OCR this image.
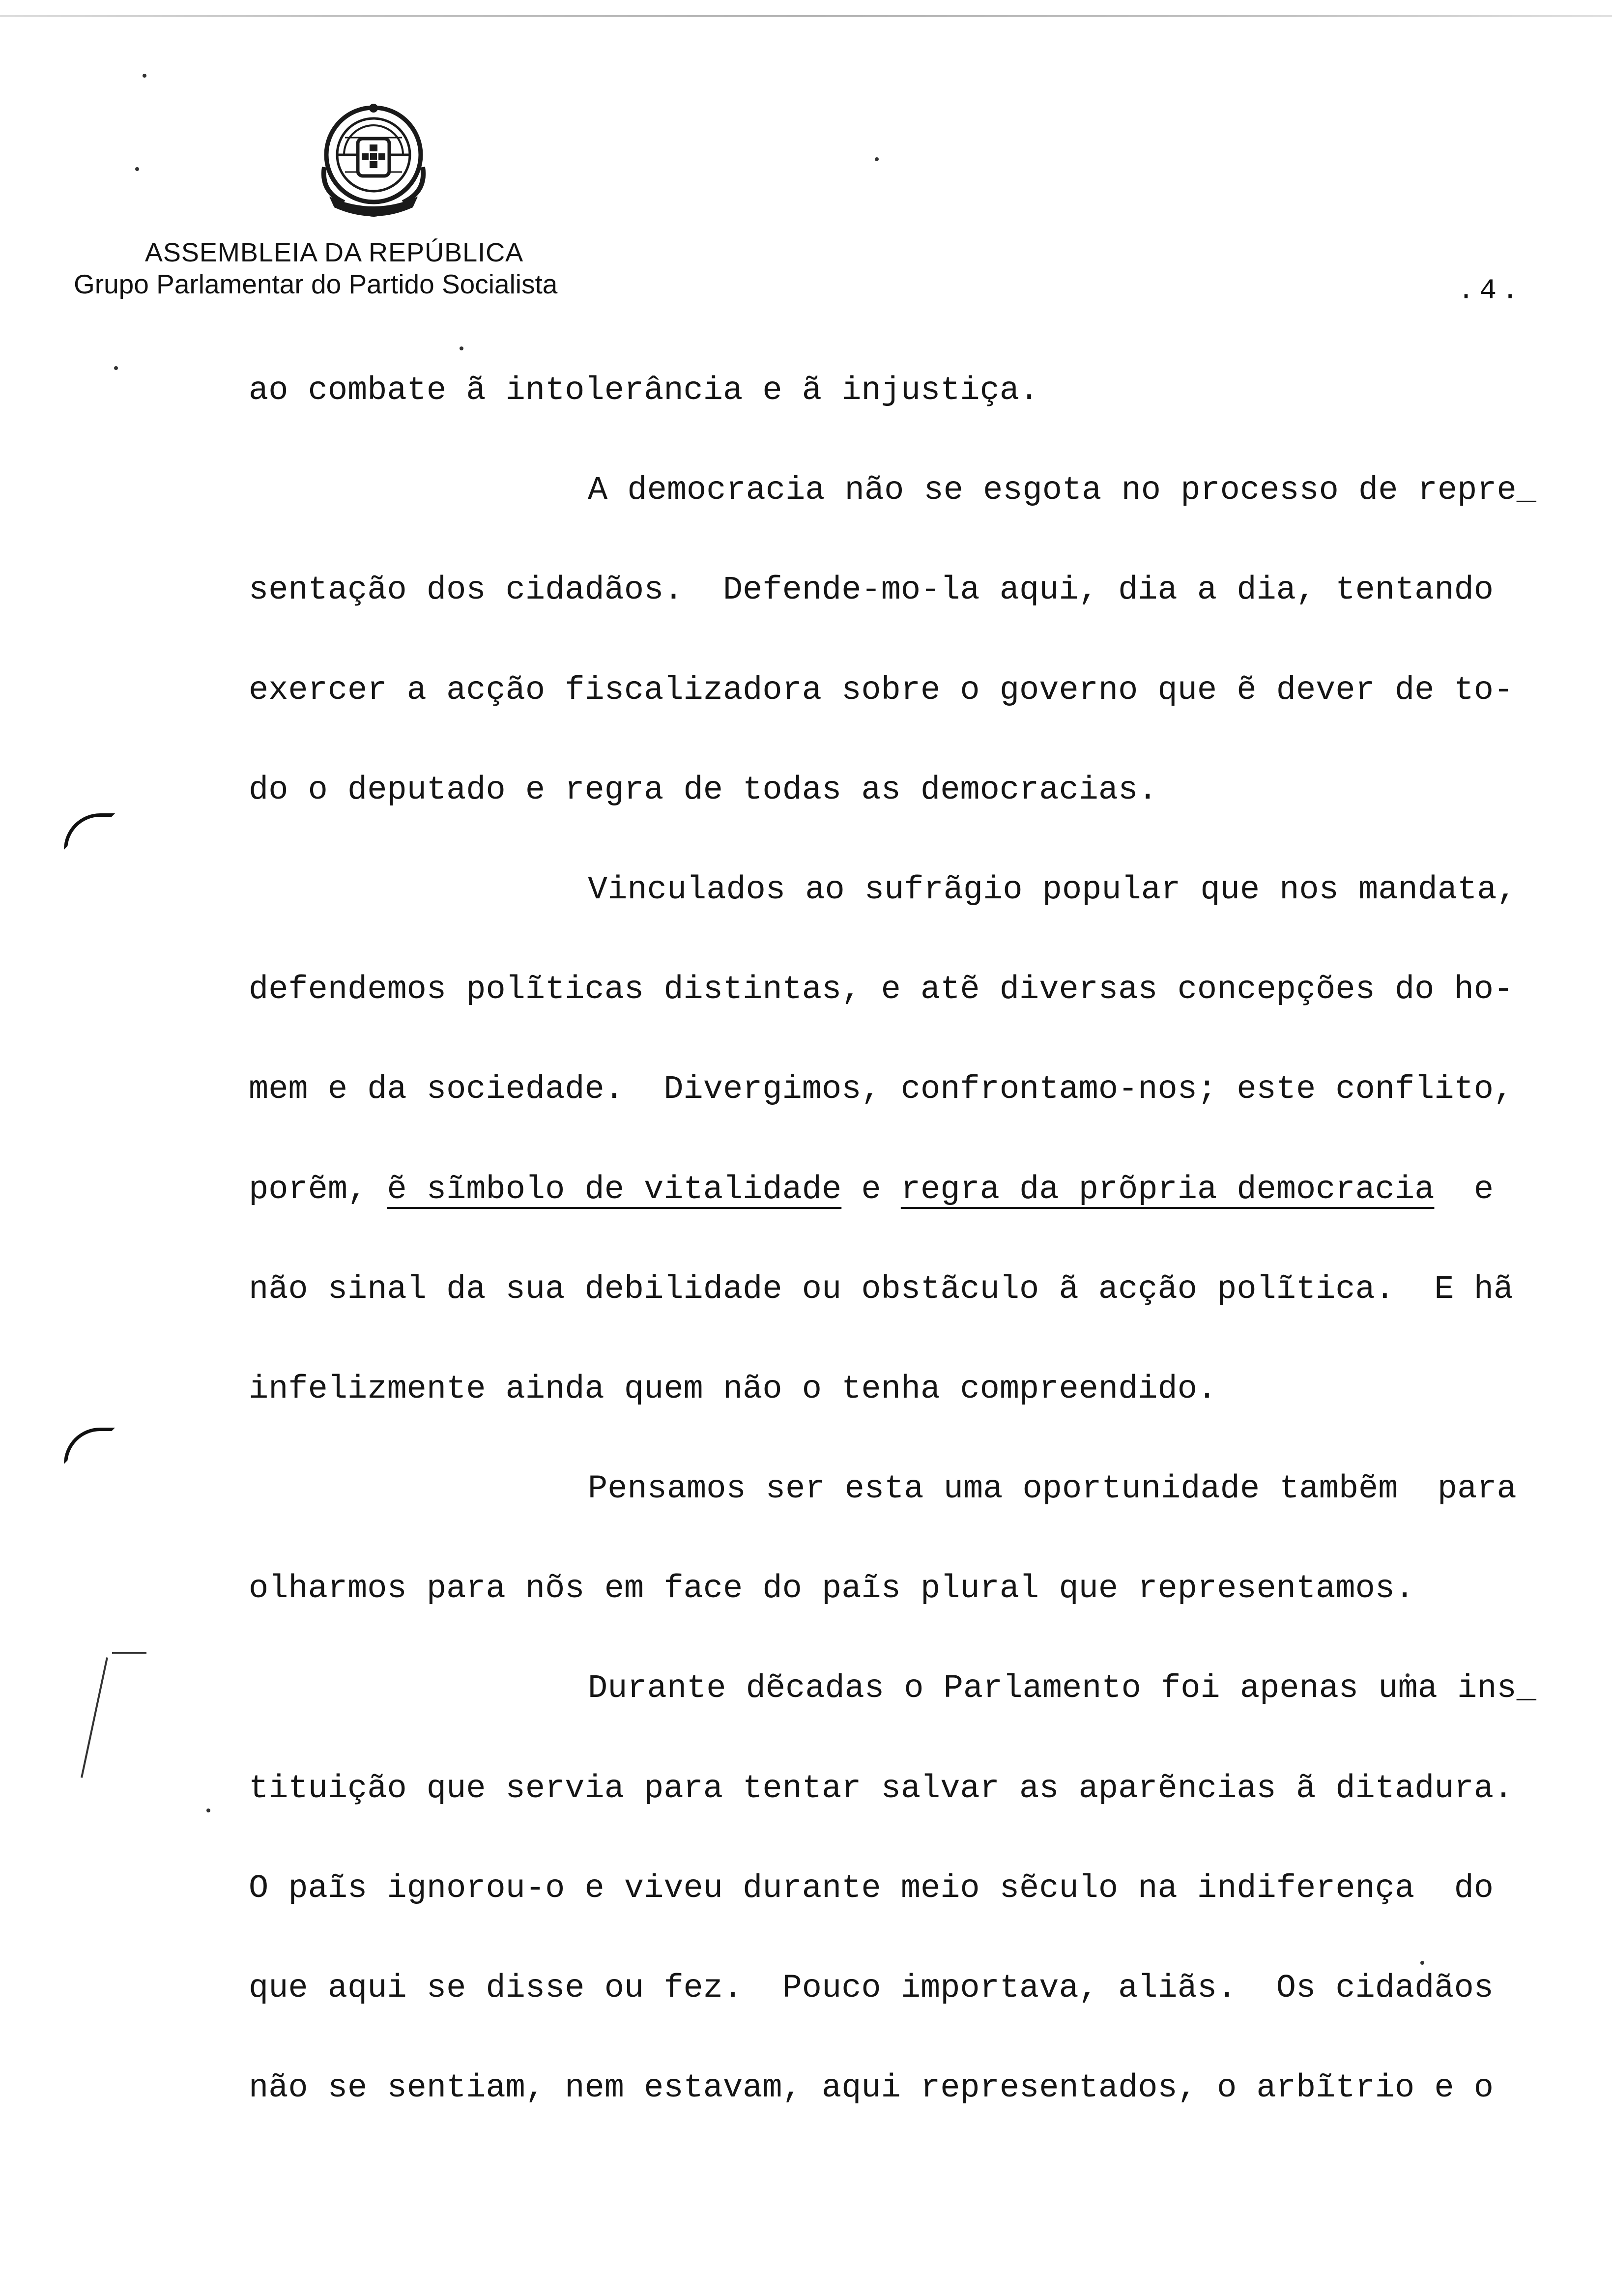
ASSEMBLEIA DA REPÚBLICA
Grupo Parlamentar do Partido Socialista	.4.
ao combate ã intolerância e ã injustiça.
A democracia não se esgota no processo de repre_
sentação dos cidadãos.  Defende-mo-la aqui, dia a dia, tentando
exercer a acção fiscalizadora sobre o governo que ẽ dever de to-
do o deputado e regra de todas as democracias.
Vinculados ao sufrãgio popular que nos mandata,
defendemos polĩticas distintas, e atẽ diversas concepções do ho-
mem e da sociedade.  Divergimos, confrontamo-nos; este conflito,
porẽm, ẽ sĩmbolo de vitalidade e regra da prõpria democracia  e
não sinal da sua debilidade ou obstãculo ã acção polĩtica.  E hã
infelizmente ainda quem não o tenha compreendido.
Pensamos ser esta uma oportunidade tambẽm  para
olharmos para nõs em face do paĩs plural que representamos.
Durante dẽcadas o Parlamento foi apenas uma ins_
tituição que servia para tentar salvar as aparẽncias ã ditadura.
O paĩs ignorou-o e viveu durante meio sẽculo na indiferença  do
que aqui se disse ou fez.  Pouco importava, aliãs.  Os cidadãos
não se sentiam, nem estavam, aqui representados, o arbĩtrio e o
